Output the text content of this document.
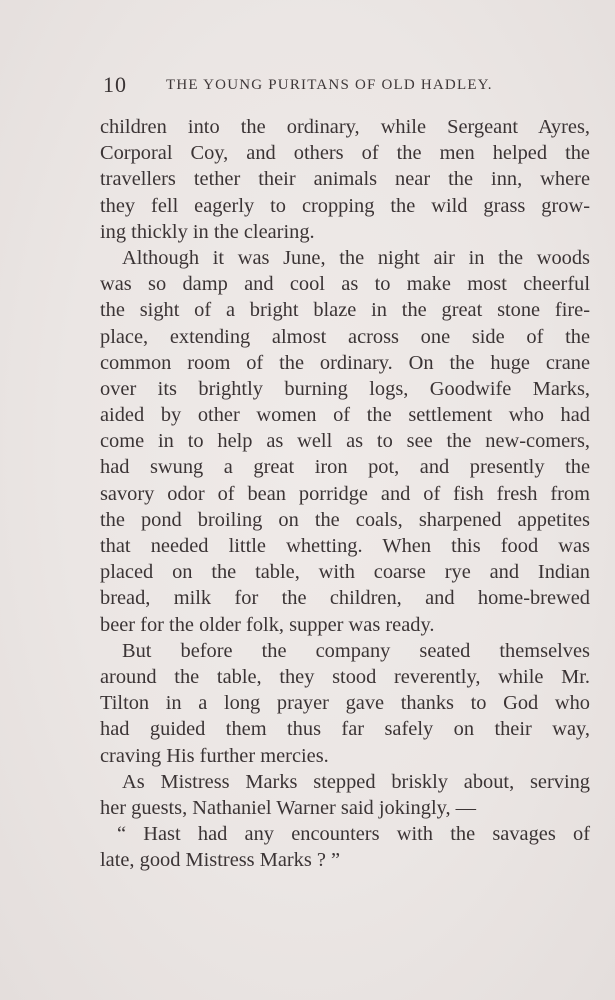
10	THE YOUNG PURITANS OF OLD HADLEY.
children into the ordinary, while Sergeant Ayres,
Corporal Coy, and others of the men helped the
travellers tether their animals near the inn, where
they fell eagerly to cropping the wild grass grow-
ing thickly in the clearing.
Although it was June, the night air in the woods
was so damp and cool as to make most cheerful
the sight of a bright blaze in the great stone fire-
place, extending almost across one side of the
common room of the ordinary. On the huge crane
over its brightly burning logs, Goodwife Marks,
aided by other women of the settlement who had
come in to help as well as to see the new-comers,
had swung a great iron pot, and presently the
savory odor of bean porridge and of fish fresh from
the pond broiling on the coals, sharpened appetites
that needed little whetting. When this food was
placed on the table, with coarse rye and Indian
bread, milk for the children, and home-brewed
beer for the older folk, supper was ready.
But before the company seated themselves
around the table, they stood reverently, while Mr.
Tilton in a long prayer gave thanks to God who
had guided them thus far safely on their way,
craving His further mercies.
As Mistress Marks stepped briskly about, serving
her guests, Nathaniel Warner said jokingly, —
“ Hast had any encounters with the savages of
late, good Mistress Marks ? ”
